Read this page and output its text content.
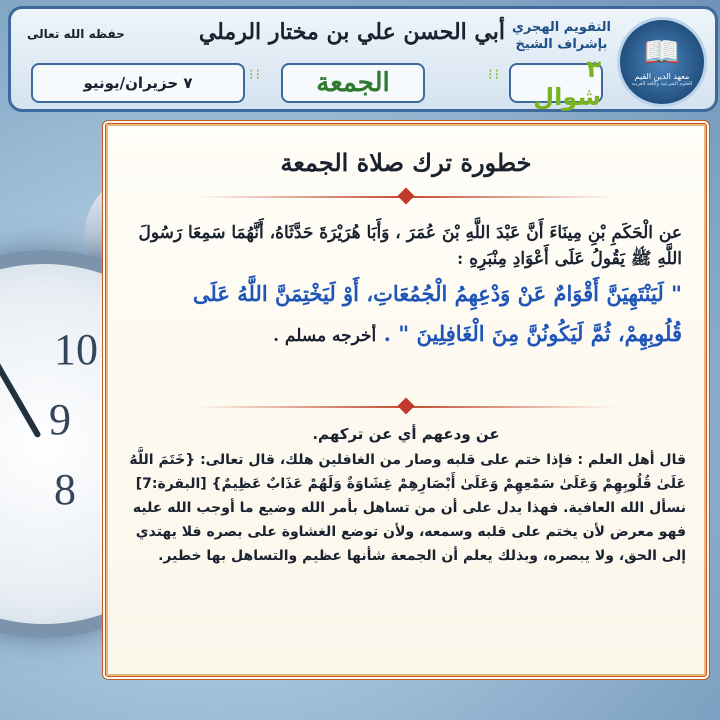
10
9
8
📖
معهد الدين القيم
للعلوم الشرعية واللغة العربية
التقويم الهجري
بإشراف الشيخ
أبي الحسن علي بن مختار الرملي
حفظه الله تعالى
٣ شوال
⁝⁝
الجمعة
⁝⁝
٧ حزيران/يونيو
خطورة ترك صلاة الجمعة
عن الْحَكَمِ بْنِ مِينَاءَ أَنَّ عَبْدَ اللَّهِ بْنَ عُمَرَ ، وَأَبَا هُرَيْرَةَ حَدَّثَاهُ، أَنَّهُمَا سَمِعَا رَسُولَ اللَّهِ ﷺ يَقُولُ عَلَى أَعْوَادِ مِنْبَرِهِ :
" لَيَنْتَهِيَنَّ أَقْوَامٌ عَنْ وَدْعِهِمُ الْجُمُعَاتِ، أَوْ لَيَخْتِمَنَّ اللَّهُ عَلَى قُلُوبِهِمْ، ثُمَّ لَيَكُونُنَّ مِنَ الْغَافِلِينَ " . أخرجه مسلم .
عن ودعهم أي عن تركهم.
قال أهل العلم : فإذا ختم على قلبه وصار من الغافلين هلك، قال تعالى: {خَتَمَ اللَّهُ عَلَىٰ قُلُوبِهِمْ وَعَلَىٰ سَمْعِهِمْ وَعَلَىٰ أَبْصَارِهِمْ غِشَاوَةٌ وَلَهُمْ عَذَابٌ عَظِيمٌ} [البقرة:7] نسأل الله العافية. فهذا يدل على أن من تساهل بأمر الله وضيع ما أوجب الله عليه فهو معرض لأن يختم على قلبه وسمعه، ولأن توضع الغشاوة على بصره فلا يهتدي إلى الحق، ولا يبصره، وبذلك يعلم أن الجمعة شأنها عظيم والتساهل بها خطير.
